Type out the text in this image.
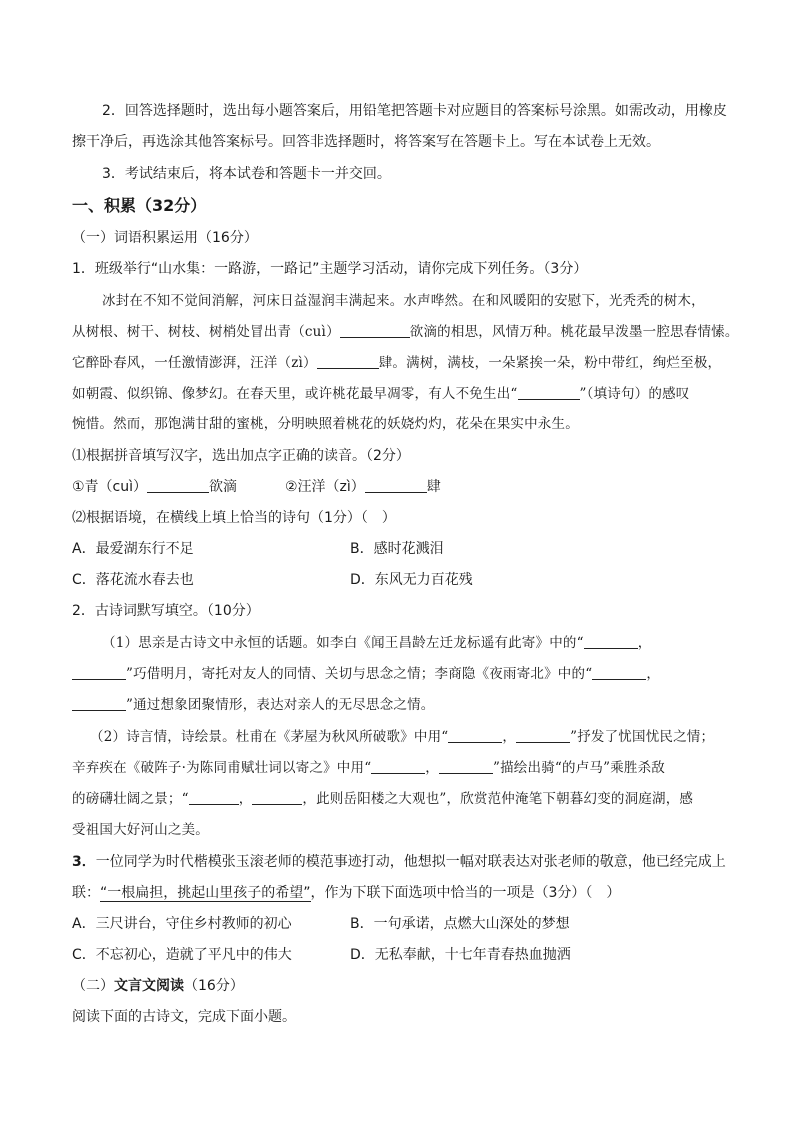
2．回答选择题时，选出每小题答案后，用铅笔把答题卡对应题目的答案标号涂黑。如需改动，用橡皮
擦干净后，再选涂其他答案标号。回答非选择题时，将答案写在答题卡上。写在本试卷上无效。
3．考试结束后，将本试卷和答题卡一并交回。
一、积累（32分）
（一）词语积累运用（16分）
1．班级举行“山水集：一路游，一路记”主题学习活动，请你完成下列任务。（3分）
冰封在不知不觉间消解，河床日益湿润丰满起来。水声哗然。在和风暖阳的安慰下，光秃秃的树木，
从树根、树干、树枝、树梢处冒出青（cuì）	欲滴的相思，风情万种。桃花最早泼墨一腔思春情愫。
它醉卧春风，一任激情澎湃，汪洋（zì）	肆。满树，满枝，一朵紧挨一朵，粉中带红，绚烂至极，
如朝霞、似织锦、像梦幻。在春天里，或许桃花最早凋零，有人不免生出“	”（填诗句）的感叹
惋惜。然而，那饱满甘甜的蜜桃，分明映照着桃花的妖娆灼灼，花朵在果实中永生。
⑴根据拼音填写汉字，选出加点字正确的读音。（2分）
①青（cuì）	欲滴	②汪洋（zì）	肆
⑵根据语境，在横线上填上恰当的诗句（1分）（　）
A．最爱湖东行不足	B．感时花溅泪
C．落花流水春去也	D．东风无力百花残
2．古诗词默写填空。（10分）
（1）思亲是古诗文中永恒的话题。如李白《闻王昌龄左迁龙标遥有此寄》中的“	，
”巧借明月，寄托对友人的同情、关切与思念之情；李商隐《夜雨寄北》中的“	，
”通过想象团聚情形，表达对亲人的无尽思念之情。
（2）诗言情，诗绘景。杜甫在《茅屋为秋风所破歌》中用“	，	”抒发了忧国忧民之情；
辛弃疾在《破阵子·为陈同甫赋壮词以寄之》中用“	，	”描绘出骑“的卢马”乘胜杀敌
的磅礴壮阔之景；“	，	，此则岳阳楼之大观也”，欣赏范仲淹笔下朝暮幻变的洞庭湖，感
受祖国大好河山之美。
3．一位同学为时代楷模张玉滚老师的模范事迹打动，他想拟一幅对联表达对张老师的敬意，他已经完成上
联：“一根扁担，挑起山里孩子的希望”，作为下联下面选项中恰当的一项是（3分）（　）
A．三尺讲台，守住乡村教师的初心	B．一句承诺，点燃大山深处的梦想
C．不忘初心，造就了平凡中的伟大	D．无私奉献，十七年青春热血抛洒
（二）文言文阅读（16分）
阅读下面的古诗文，完成下面小题。
